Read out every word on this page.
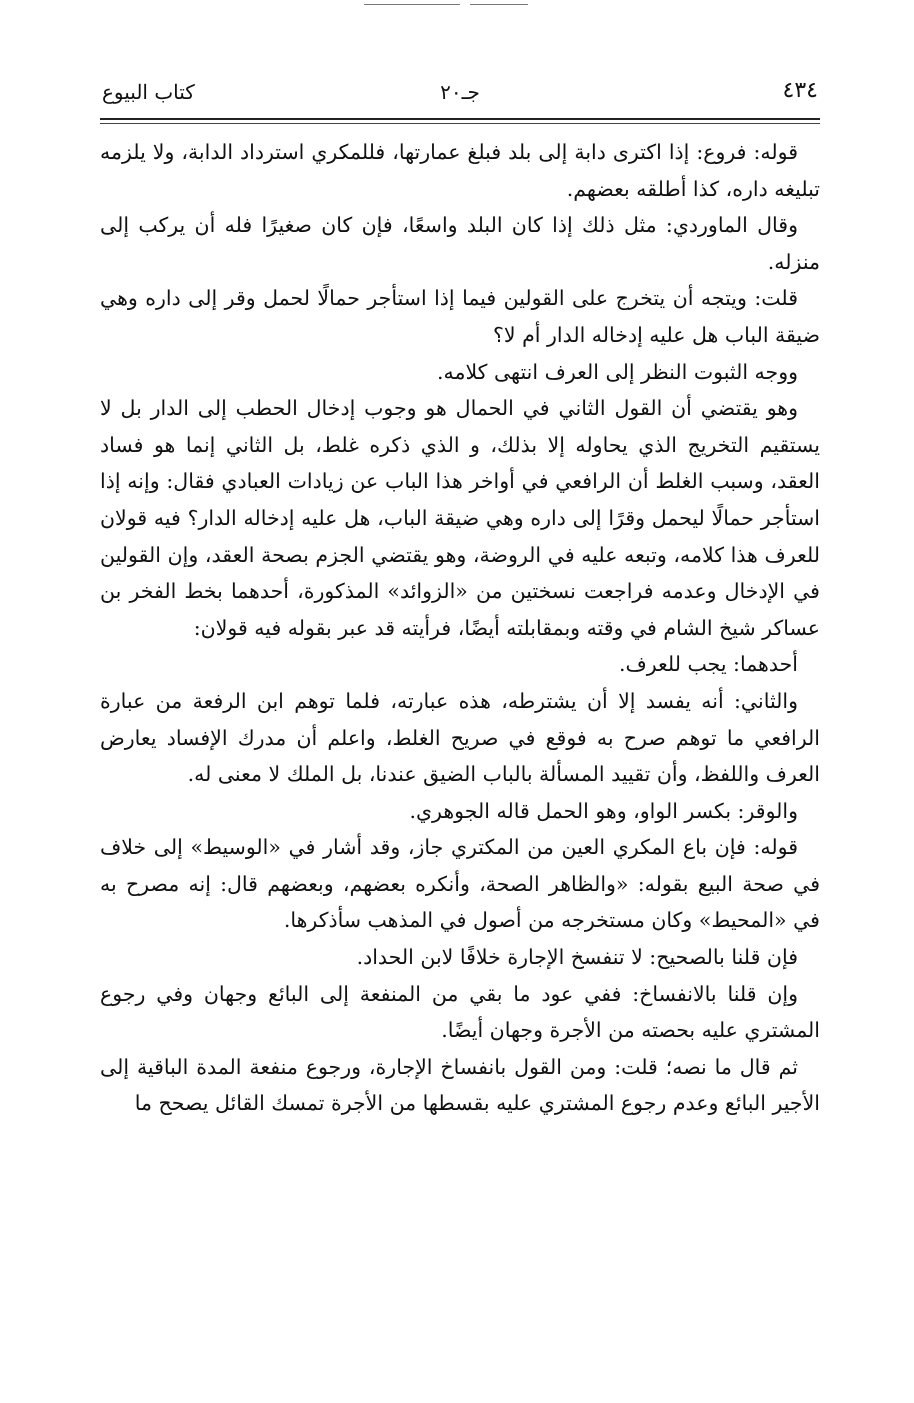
٤٣٤
جـ٢٠
كتاب البيوع

قوله: فروع: إذا اكترى دابة إلى بلد فبلغ عمارتها، فللمكري استرداد الدابة، ولا يلزمه تبليغه داره، كذا أطلقه بعضهم.

وقال الماوردي: مثل ذلك إذا كان البلد واسعًا، فإن كان صغيرًا فله أن يركب إلى منزله.

قلت: ويتجه أن يتخرج على القولين فيما إذا استأجر حمالًا لحمل وقر إلى داره وهي ضيقة الباب هل عليه إدخاله الدار أم لا؟

ووجه الثبوت النظر إلى العرف انتهى كلامه.

وهو يقتضي أن القول الثاني في الحمال هو وجوب إدخال الحطب إلى الدار بل لا يستقيم التخريج الذي يحاوله إلا بذلك، و الذي ذكره غلط، بل الثاني إنما هو فساد العقد، وسبب الغلط أن الرافعي في أواخر هذا الباب عن زيادات العبادي فقال: وإنه إذا استأجر حمالًا ليحمل وقرًا إلى داره وهي ضيقة الباب، هل عليه إدخاله الدار؟ فيه قولان للعرف هذا كلامه، وتبعه عليه في الروضة، وهو يقتضي الجزم بصحة العقد، وإن القولين في الإدخال وعدمه فراجعت نسختين من «الزوائد» المذكورة، أحدهما بخط الفخر بن عساكر شيخ الشام في وقته وبمقابلته أيضًا، فرأيته قد عبر بقوله فيه قولان:

أحدهما: يجب للعرف.

والثاني: أنه يفسد إلا أن يشترطه، هذه عبارته، فلما توهم ابن الرفعة من عبارة الرافعي ما توهم صرح به فوقع في صريح الغلط، واعلم أن مدرك الإفساد يعارض العرف واللفظ، وأن تقييد المسألة بالباب الضيق عندنا، بل الملك لا معنى له.

والوقر: بكسر الواو، وهو الحمل قاله الجوهري.

قوله: فإن باع المكري العين من المكتري جاز، وقد أشار في «الوسيط» إلى خلاف في صحة البيع بقوله: «والظاهر الصحة، وأنكره بعضهم، وبعضهم قال: إنه مصرح به في «المحيط» وكان مستخرجه من أصول في المذهب سأذكرها.

فإن قلنا بالصحيح: لا تنفسخ الإجارة خلافًا لابن الحداد.

وإن قلنا بالانفساخ: ففي عود ما بقي من المنفعة إلى البائع وجهان وفي رجوع المشتري عليه بحصته من الأجرة وجهان أيضًا.

ثم قال ما نصه؛ قلت: ومن القول بانفساخ الإجارة، ورجوع منفعة المدة الباقية إلى الأجير البائع وعدم رجوع المشتري عليه بقسطها من الأجرة تمسك القائل يصحح ما
